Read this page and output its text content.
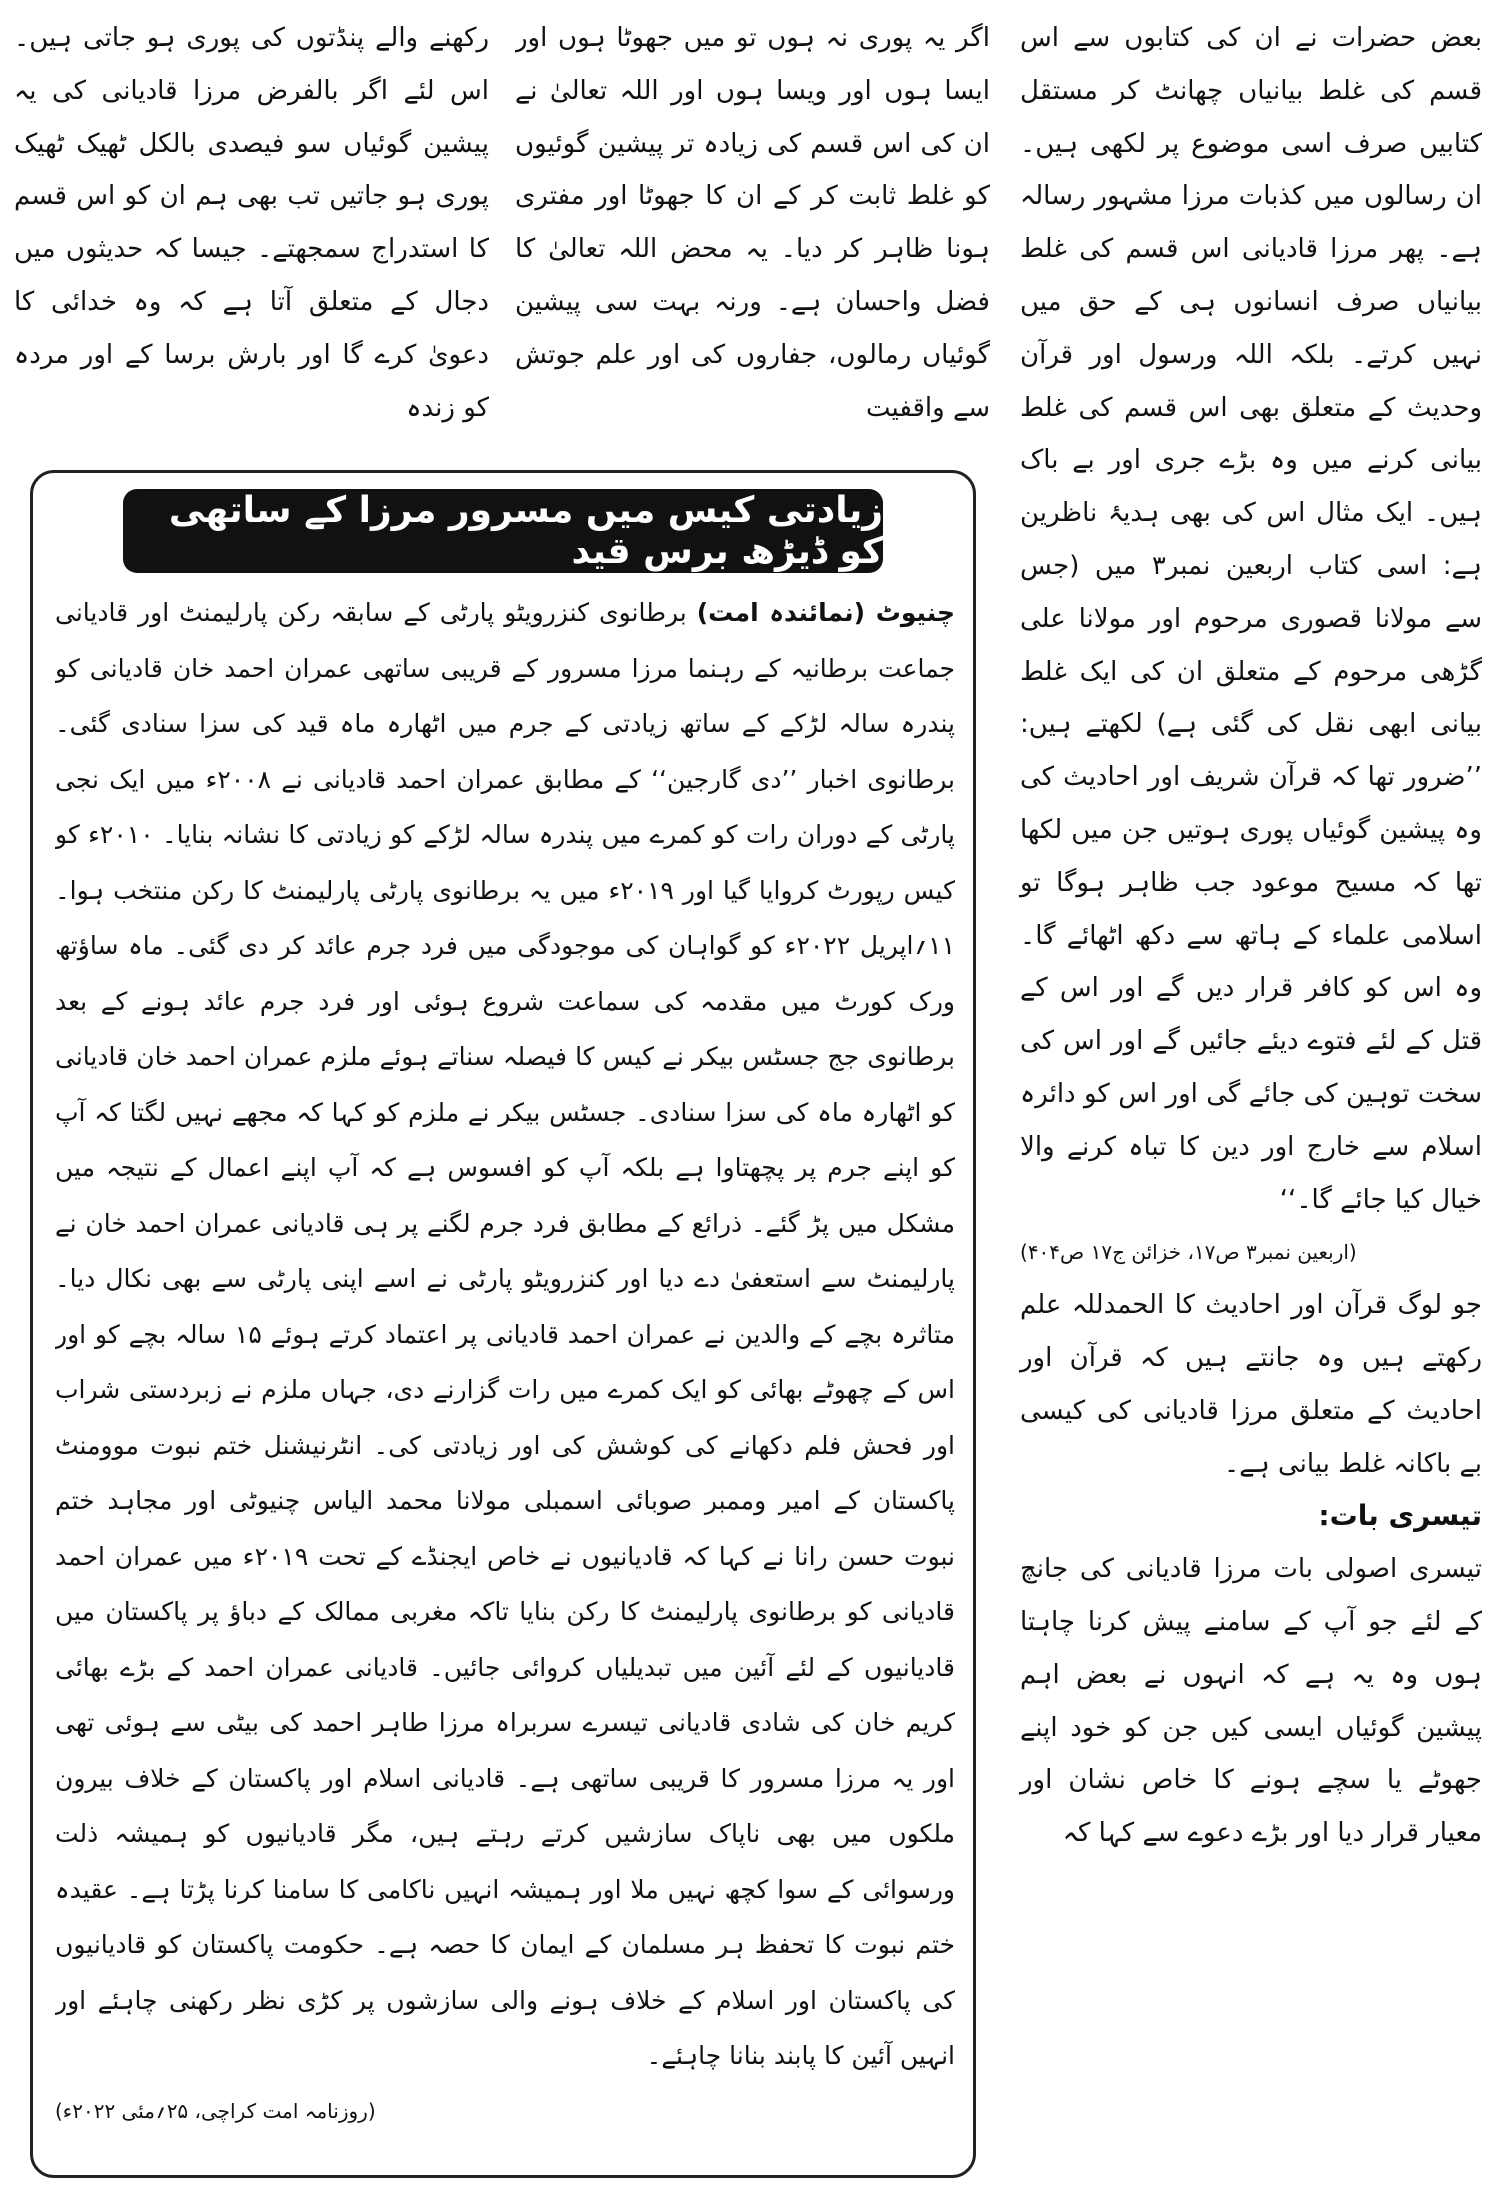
بعض حضرات نے ان کی کتابوں سے اس قسم کی غلط بیانیاں چھانٹ کر مستقل کتابیں صرف اسی موضوع پر لکھی ہیں۔ ان رسالوں میں کذبات مرزا مشہور رسالہ ہے۔ پھر مرزا قادیانی اس قسم کی غلط بیانیاں صرف انسانوں ہی کے حق میں نہیں کرتے۔ بلکہ اللہ ورسول اور قرآن وحدیث کے متعلق بھی اس قسم کی غلط بیانی کرنے میں وہ بڑے جری اور بے باک ہیں۔ ایک مثال اس کی بھی ہدیۂ ناظرین ہے: اسی کتاب اربعین نمبر۳ میں (جس سے مولانا قصوری مرحوم اور مولانا علی گڑھی مرحوم کے متعلق ان کی ایک غلط بیانی ابھی نقل کی گئی ہے) لکھتے ہیں: ’’ضرور تھا کہ قرآن شریف اور احادیث کی وہ پیشین گوئیاں پوری ہوتیں جن میں لکھا تھا کہ مسیح موعود جب ظاہر ہوگا تو اسلامی علماء کے ہاتھ سے دکھ اٹھائے گا۔ وہ اس کو کافر قرار دیں گے اور اس کے قتل کے لئے فتوے دیئے جائیں گے اور اس کی سخت توہین کی جائے گی اور اس کو دائرہ اسلام سے خارج اور دین کا تباہ کرنے والا خیال کیا جائے گا۔‘‘

(اربعین نمبر۳ ص۱۷، خزائن ج۱۷ ص۴۰۴)

جو لوگ قرآن اور احادیث کا الحمدللہ علم رکھتے ہیں وہ جانتے ہیں کہ قرآن اور احادیث کے متعلق مرزا قادیانی کی کیسی بے باکانہ غلط بیانی ہے۔

تیسری بات:

تیسری اصولی بات مرزا قادیانی کی جانچ کے لئے جو آپ کے سامنے پیش کرنا چاہتا ہوں وہ یہ ہے کہ انہوں نے بعض اہم پیشین گوئیاں ایسی کیں جن کو خود اپنے جھوٹے یا سچے ہونے کا خاص نشان اور معیار قرار دیا اور بڑے دعوے سے کہا کہ

اگر یہ پوری نہ ہوں تو میں جھوٹا ہوں اور ایسا ہوں اور ویسا ہوں اور اللہ تعالیٰ نے ان کی اس قسم کی زیادہ تر پیشین گوئیوں کو غلط ثابت کر کے ان کا جھوٹا اور مفتری ہونا ظاہر کر دیا۔ یہ محض اللہ تعالیٰ کا فضل واحسان ہے۔ ورنہ بہت سی پیشین گوئیاں رمالوں، جفاروں کی اور علم جوتش سے واقفیت

رکھنے والے پنڈتوں کی پوری ہو جاتی ہیں۔ اس لئے اگر بالفرض مرزا قادیانی کی یہ پیشین گوئیاں سو فیصدی بالکل ٹھیک ٹھیک پوری ہو جاتیں تب بھی ہم ان کو اس قسم کا استدراج سمجھتے۔ جیسا کہ حدیثوں میں دجال کے متعلق آتا ہے کہ وہ خدائی کا دعویٰ کرے گا اور بارش برسا کے اور مردہ کو زندہ

زیادتی کیس میں مسرور مرزا کے ساتھی کو ڈیڑھ برس قید
چنیوٹ (نمائندہ امت) برطانوی کنزرویٹو پارٹی کے سابقہ رکن پارلیمنٹ اور قادیانی جماعت برطانیہ کے رہنما مرزا مسرور کے قریبی ساتھی عمران احمد خان قادیانی کو پندرہ سالہ لڑکے کے ساتھ زیادتی کے جرم میں اٹھارہ ماہ قید کی سزا سنادی گئی۔ برطانوی اخبار ’’دی گارجین‘‘ کے مطابق عمران احمد قادیانی نے ۲۰۰۸ء میں ایک نجی پارٹی کے دوران رات کو کمرے میں پندرہ سالہ لڑکے کو زیادتی کا نشانہ بنایا۔ ۲۰۱۰ء کو کیس رپورٹ کروایا گیا اور ۲۰۱۹ء میں یہ برطانوی پارٹی پارلیمنٹ کا رکن منتخب ہوا۔ ۱۱؍اپریل ۲۰۲۲ء کو گواہان کی موجودگی میں فرد جرم عائد کر دی گئی۔ ماہ ساؤتھ ورک کورٹ میں مقدمہ کی سماعت شروع ہوئی اور فرد جرم عائد ہونے کے بعد برطانوی جج جسٹس بیکر نے کیس کا فیصلہ سناتے ہوئے ملزم عمران احمد خان قادیانی کو اٹھارہ ماہ کی سزا سنادی۔ جسٹس بیکر نے ملزم کو کہا کہ مجھے نہیں لگتا کہ آپ کو اپنے جرم پر پچھتاوا ہے بلکہ آپ کو افسوس ہے کہ آپ اپنے اعمال کے نتیجہ میں مشکل میں پڑ گئے۔ ذرائع کے مطابق فرد جرم لگنے پر ہی قادیانی عمران احمد خان نے پارلیمنٹ سے استعفیٰ دے دیا اور کنزرویٹو پارٹی نے اسے اپنی پارٹی سے بھی نکال دیا۔ متاثرہ بچے کے والدین نے عمران احمد قادیانی پر اعتماد کرتے ہوئے ۱۵ سالہ بچے کو اور اس کے چھوٹے بھائی کو ایک کمرے میں رات گزارنے دی، جہاں ملزم نے زبردستی شراب اور فحش فلم دکھانے کی کوشش کی اور زیادتی کی۔ انٹرنیشنل ختم نبوت موومنٹ پاکستان کے امیر وممبر صوبائی اسمبلی مولانا محمد الیاس چنیوٹی اور مجاہد ختم نبوت حسن رانا نے کہا کہ قادیانیوں نے خاص ایجنڈے کے تحت ۲۰۱۹ء میں عمران احمد قادیانی کو برطانوی پارلیمنٹ کا رکن بنایا تاکہ مغربی ممالک کے دباؤ پر پاکستان میں قادیانیوں کے لئے آئین میں تبدیلیاں کروائی جائیں۔ قادیانی عمران احمد کے بڑے بھائی کریم خان کی شادی قادیانی تیسرے سربراہ مرزا طاہر احمد کی بیٹی سے ہوئی تھی اور یہ مرزا مسرور کا قریبی ساتھی ہے۔ قادیانی اسلام اور پاکستان کے خلاف بیرون ملکوں میں بھی ناپاک سازشیں کرتے رہتے ہیں، مگر قادیانیوں کو ہمیشہ ذلت ورسوائی کے سوا کچھ نہیں ملا اور ہمیشہ انہیں ناکامی کا سامنا کرنا پڑتا ہے۔ عقیدہ ختم نبوت کا تحفظ ہر مسلمان کے ایمان کا حصہ ہے۔ حکومت پاکستان کو قادیانیوں کی پاکستان اور اسلام کے خلاف ہونے والی سازشوں پر کڑی نظر رکھنی چاہئے اور انہیں آئین کا پابند بنانا چاہئے۔
(روزنامہ امت کراچی، ۲۵؍مئی ۲۰۲۲ء)
